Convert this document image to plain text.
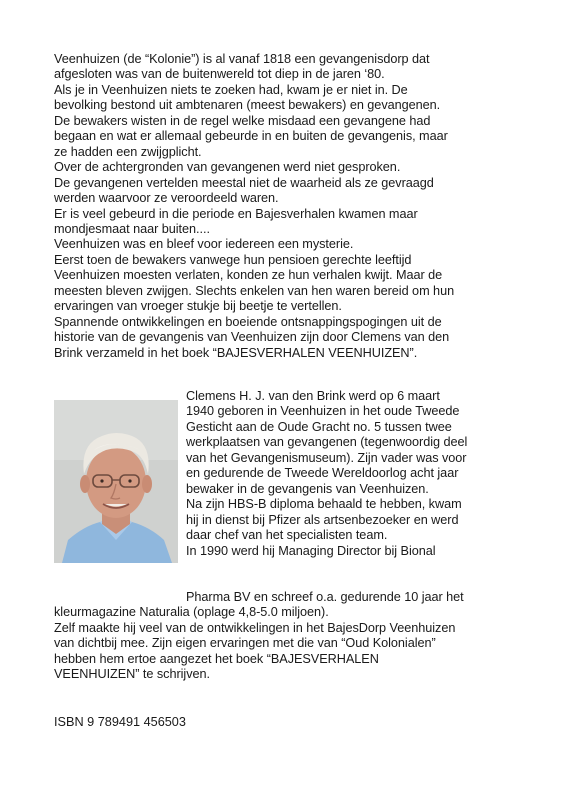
Veenhuizen (de “Kolonie”) is al vanaf 1818 een gevangenisdorp dat

afgesloten was van de buitenwereld tot diep in de jaren ‘80.

Als je in Veenhuizen niets te zoeken had, kwam je er niet in. De

bevolking bestond uit ambtenaren (meest bewakers) en gevangenen.

De bewakers wisten in de regel welke misdaad een gevangene had

begaan en wat er allemaal gebeurde in en buiten de gevangenis, maar

ze hadden een zwijgplicht.

Over de achtergronden van gevangenen werd niet gesproken.

De gevangenen vertelden meestal niet de waarheid als ze gevraagd

werden waarvoor ze veroordeeld waren.

Er is veel gebeurd in die periode en Bajesverhalen kwamen maar

mondjesmaat naar buiten....

Veenhuizen was en bleef voor iedereen een mysterie.

Eerst toen de bewakers vanwege hun pensioen gerechte leeftijd

Veenhuizen moesten verlaten, konden ze hun verhalen kwijt. Maar de

meesten bleven zwijgen. Slechts enkelen van hen waren bereid om hun

ervaringen van vroeger stukje bij beetje te vertellen.

Spannende ontwikkelingen en boeiende ontsnappingspogingen uit de

historie van de gevangenis van Veenhuizen zijn door Clemens van den

Brink verzameld in het boek “BAJESVERHALEN VEENHUIZEN”.

Clemens H. J. van den Brink werd op 6 maart

1940 geboren in Veenhuizen in het oude Tweede

Gesticht aan de Oude Gracht no. 5 tussen twee

werkplaatsen van gevangenen (tegenwoordig deel

van het Gevangenismuseum). Zijn vader was voor

en gedurende de Tweede Wereldoorlog acht jaar

bewaker in de gevangenis van Veenhuizen.

Na zijn HBS-B diploma behaald te hebben, kwam

hij in dienst bij Pfizer als artsenbezoeker en werd

daar chef van het specialisten team.

In 1990 werd hij Managing Director bij Bional

Pharma BV en schreef o.a. gedurende 10 jaar het

kleurmagazine Naturalia (oplage 4,8-5.0 miljoen).

Zelf maakte hij veel van de ontwikkelingen in het BajesDorp Veenhuizen

van dichtbij mee. Zijn eigen ervaringen met die van “Oud Kolonialen”

hebben hem ertoe aangezet het boek “BAJESVERHALEN

VEENHUIZEN” te schrijven.

ISBN 9 789491 456503
